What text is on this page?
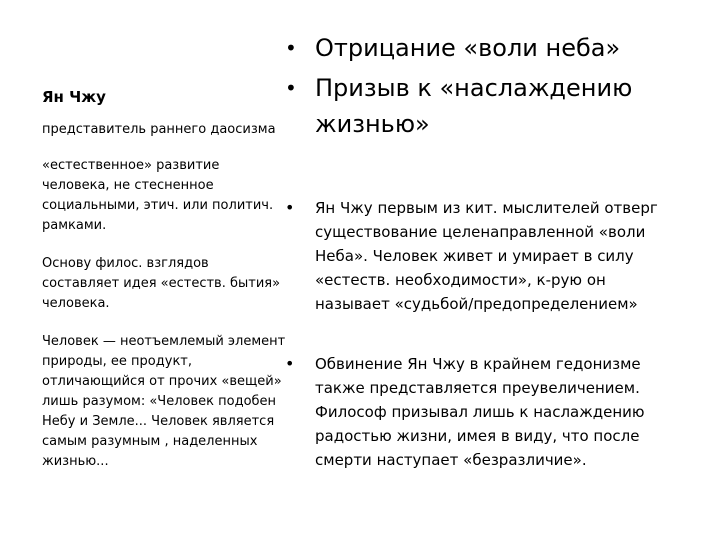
Ян Чжу
представитель раннего даосизма
«естественное» развитие человека, не стесненное социальными, этич. или политич. рамками.
Основу филос. взглядов составляет идея «естеств. бытия» человека.
Человек — неотъемлемый элемент природы, ее продукт, отличающийся от прочих «вещей» лишь разумом: «Человек подобен Небу и Земле... Человек является самым разумным , наделенных жизнью...
• Отрицание «воли неба»
• Призыв к «наслаждению жизнью»
•	Ян Чжу первым из кит. мыслителей отверг существование целенаправленной «воли Неба». Человек живет и умирает в силу «естеств. необходимости», к-рую он называет «судьбой/предопределением»
•	Обвинение Ян Чжу в крайнем гедонизме также представляется преувеличением. Философ призывал лишь к наслаждению радостью жизни, имея в виду, что после смерти наступает «безразличие».
